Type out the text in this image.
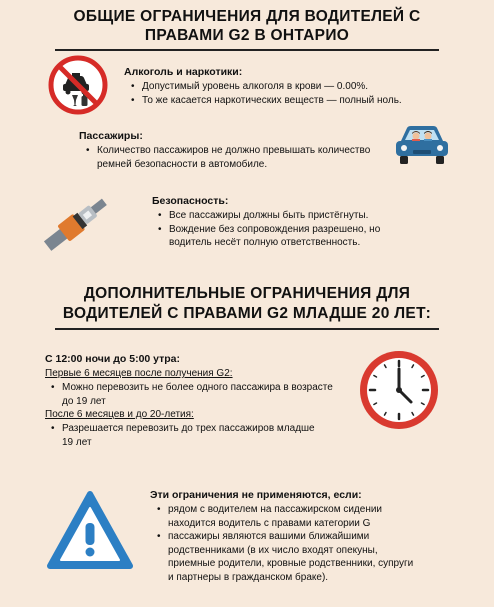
ОБЩИЕ ОГРАНИЧЕНИЯ ДЛЯ ВОДИТЕЛЕЙ С
ПРАВАМИ G2 В ОНТАРИО
Алкоголь и наркотики:
• Допустимый уровень алкоголя в крови — 0.00%.
• То же касается наркотических веществ — полный ноль.
Пассажиры:
• Количество пассажиров не должно превышать количество ремней безопасности в автомобиле.
Безопасность:
• Все пассажиры должны быть пристёгнуты.
• Вождение без сопровождения разрешено, но водитель несёт полную ответственность.
ДОПОЛНИТЕЛЬНЫЕ ОГРАНИЧЕНИЯ ДЛЯ
ВОДИТЕЛЕЙ С ПРАВАМИ G2 МЛАДШЕ 20 ЛЕТ:
С 12:00 ночи до 5:00 утра:
Первые 6 месяцев после получения G2:
• Можно перевозить не более одного пассажира в возрасте до 19 лет
После 6 месяцев и до 20-летия:
• Разрешается перевозить до трех пассажиров младше 19 лет
Эти ограничения не применяются, если:
• рядом с водителем на пассажирском сидении находится водитель с правами категории G
• пассажиры являются вашими ближайшими родственниками (в их число входят опекуны, приемные родители, кровные родственники, супруги и партнеры в гражданском браке).
